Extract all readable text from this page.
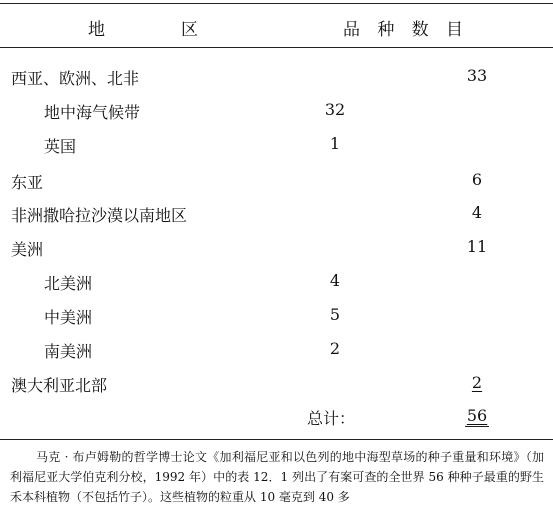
地	区	品 种 数 目
西亚、欧洲、北非	33
地中海气候带	32
英国	1
东亚	6
非洲撒哈拉沙漠以南地区	4
美洲	11
北美洲	4
中美洲	5
南美洲	2
澳大利亚北部	2
总计：	56
马克 · 布卢姆勒的哲学博士论文《加利福尼亚和以色列的地中海型草场的种子重量和环境》（加利福尼亚大学伯克利分校，1992 年）中的表 12．1 列出了有案可查的全世界 56 种种子最重的野生禾本科植物（不包括竹子）。这些植物的粒重从 10 毫克到 40 多
